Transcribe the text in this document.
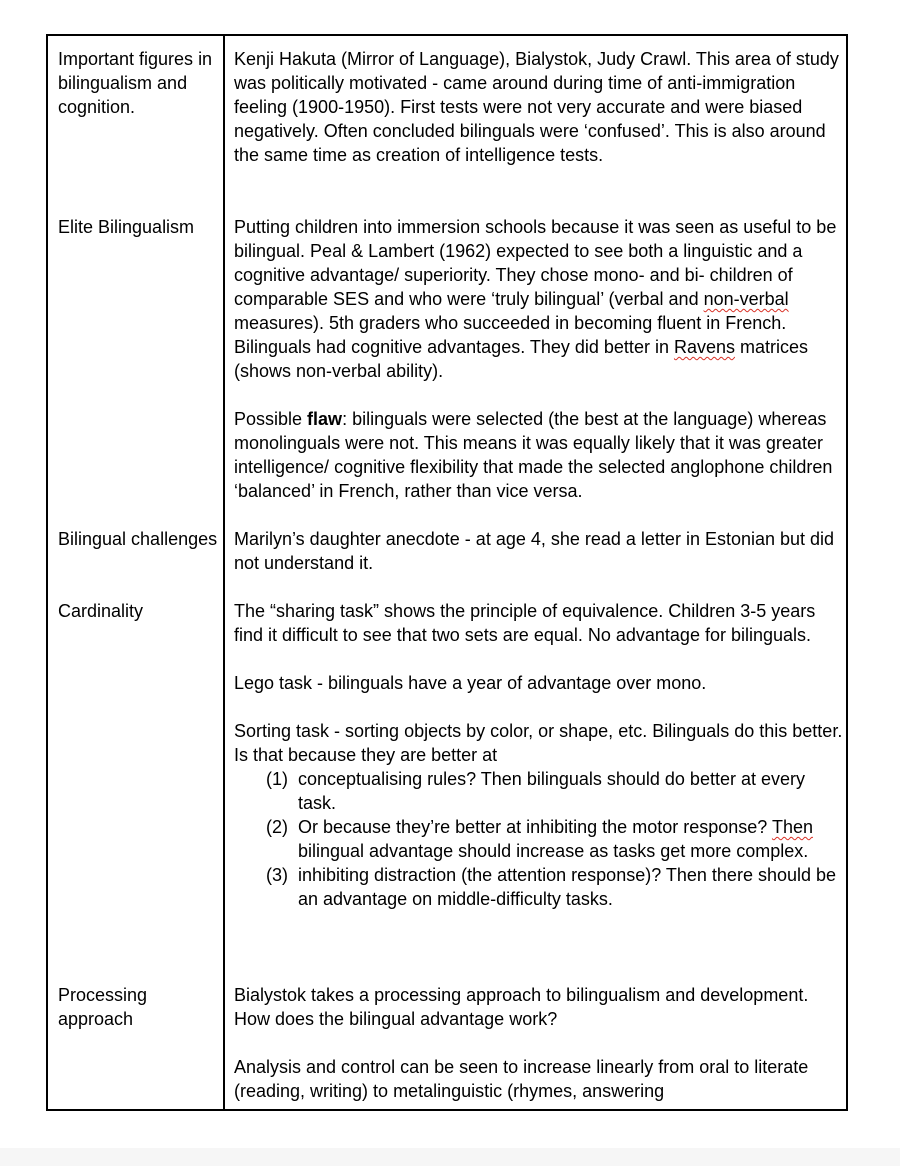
Important figures in bilingualism and cognition.

Kenji Hakuta (Mirror of Language), Bialystok, Judy Crawl. This area of study was politically motivated - came around during time of anti-immigration feeling (1900-1950). First tests were not very accurate and were biased negatively. Often concluded bilinguals were ‘confused’. This is also around the same time as creation of intelligence tests.

Elite Bilingualism	Putting children into immersion schools because it was seen as useful to be bilingual. Peal & Lambert (1962) expected to see both a linguistic and a cognitive advantage/ superiority. They chose mono- and bi- children of comparable SES and who were ‘truly bilingual’ (verbal and non-verbal measures). 5th graders who succeeded in becoming fluent in French. Bilinguals had cognitive advantages. They did better in Ravens matrices (shows non-verbal ability).

Possible flaw: bilinguals were selected (the best at the language) whereas monolinguals were not. This means it was equally likely that it was greater intelligence/ cognitive flexibility that made the selected anglophone children ‘balanced’ in French, rather than vice versa.

Bilingual challenges Marilyn’s daughter anecdote - at age 4, she read a letter in Estonian but did not understand it.

Cardinality	The “sharing task” shows the principle of equivalence. Children 3-5 years find it difficult to see that two sets are equal. No advantage for bilinguals.

Lego task - bilinguals have a year of advantage over mono.

Sorting task - sorting objects by color, or shape, etc. Bilinguals do this better. Is that because they are better at

(1) conceptualising rules? Then bilinguals should do better at every task.
(2) Or because they’re better at inhibiting the motor response? Then bilingual advantage should increase as tasks get more complex.
(3) inhibiting distraction (the attention response)? Then there should be an advantage on middle-difficulty tasks.
Processing approach

Bialystok takes a processing approach to bilingualism and development. How does the bilingual advantage work?

Analysis and control can be seen to increase linearly from oral to literate (reading, writing) to metalinguistic (rhymes, answering
